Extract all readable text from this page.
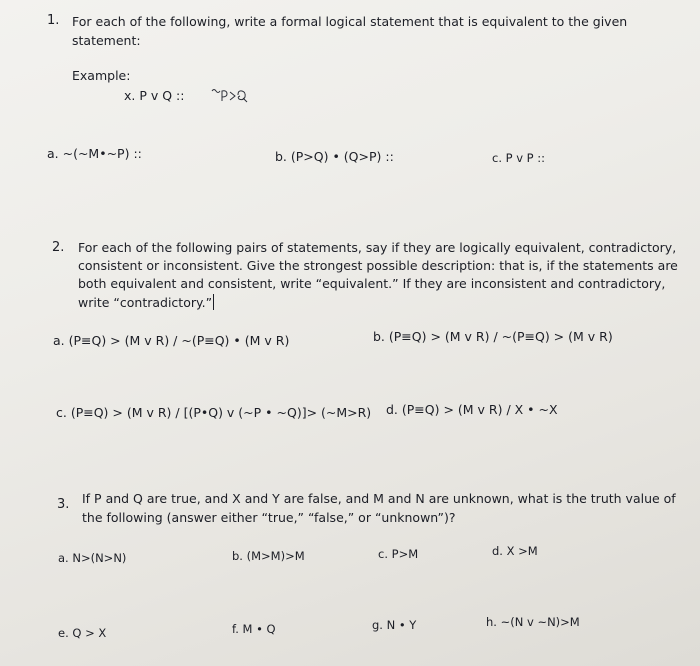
1. For each of the following, write a formal logical statement that is equivalent to the given
statement:
Example:
x. P v Q ::
a. ~(~M•~P) ::	b. (P>Q) • (Q>P) ::	c. P v P ::
2. For each of the following pairs of statements, say if they are logically equivalent, contradictory,
consistent or inconsistent. Give the strongest possible description: that is, if the statements are
both equivalent and consistent, write “equivalent.” If they are inconsistent and contradictory,
write “contradictory.”
a. (P≡Q) > (M v R) / ~(P≡Q) • (M v R)	b. (P≡Q) > (M v R) / ~(P≡Q) > (M v R)
c. (P≡Q) > (M v R) / [(P•Q) v (~P • ~Q)]> (~M>R) d. (P≡Q) > (M v R) / X • ~X
3. If P and Q are true, and X and Y are false, and M and N are unknown, what is the truth value of
the following (answer either “true,” “false,” or “unknown”)?
a. N>(N>N)	b. (M>M)>M	c. P>M	d. X >M
e. Q > X	f. M • Q	g. N • Y	h. ~(N v ~N)>M
